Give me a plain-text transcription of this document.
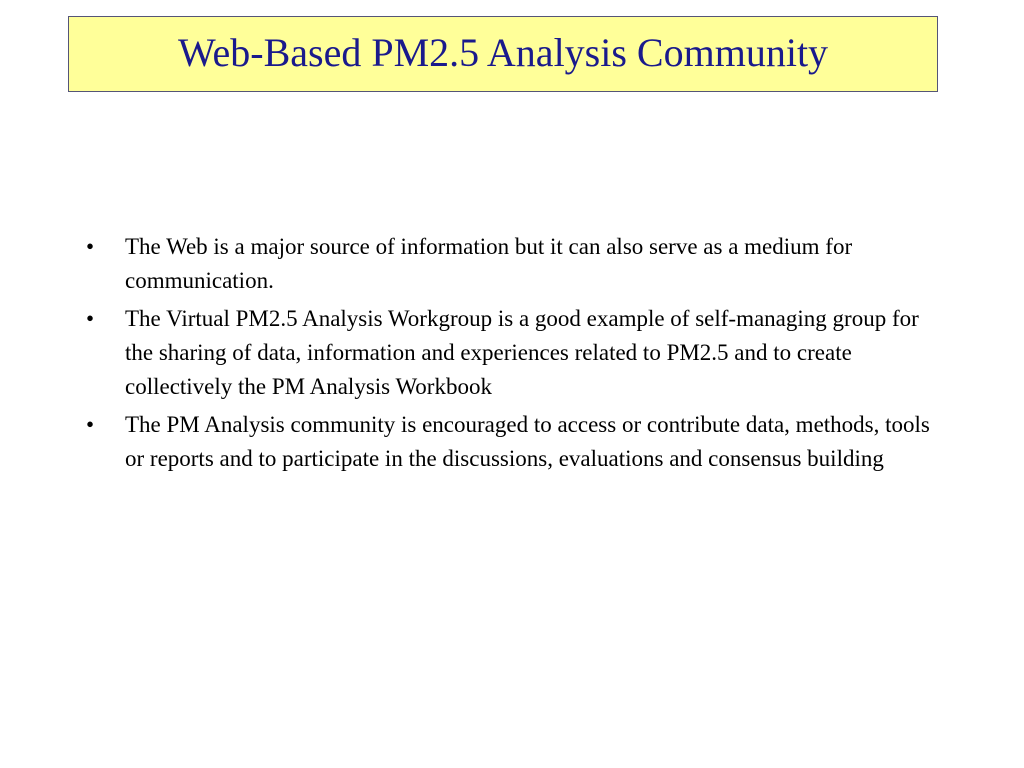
Web-Based PM2.5 Analysis Community
•	The Web is a major source of information but it can also serve as a medium for communication.
•	The Virtual PM2.5 Analysis Workgroup is a good example of self-managing group for the sharing of data, information and experiences related to PM2.5 and to create collectively the PM Analysis Workbook
•	The PM Analysis community is encouraged to access or contribute data, methods, tools or reports and to participate in the discussions, evaluations and consensus building
